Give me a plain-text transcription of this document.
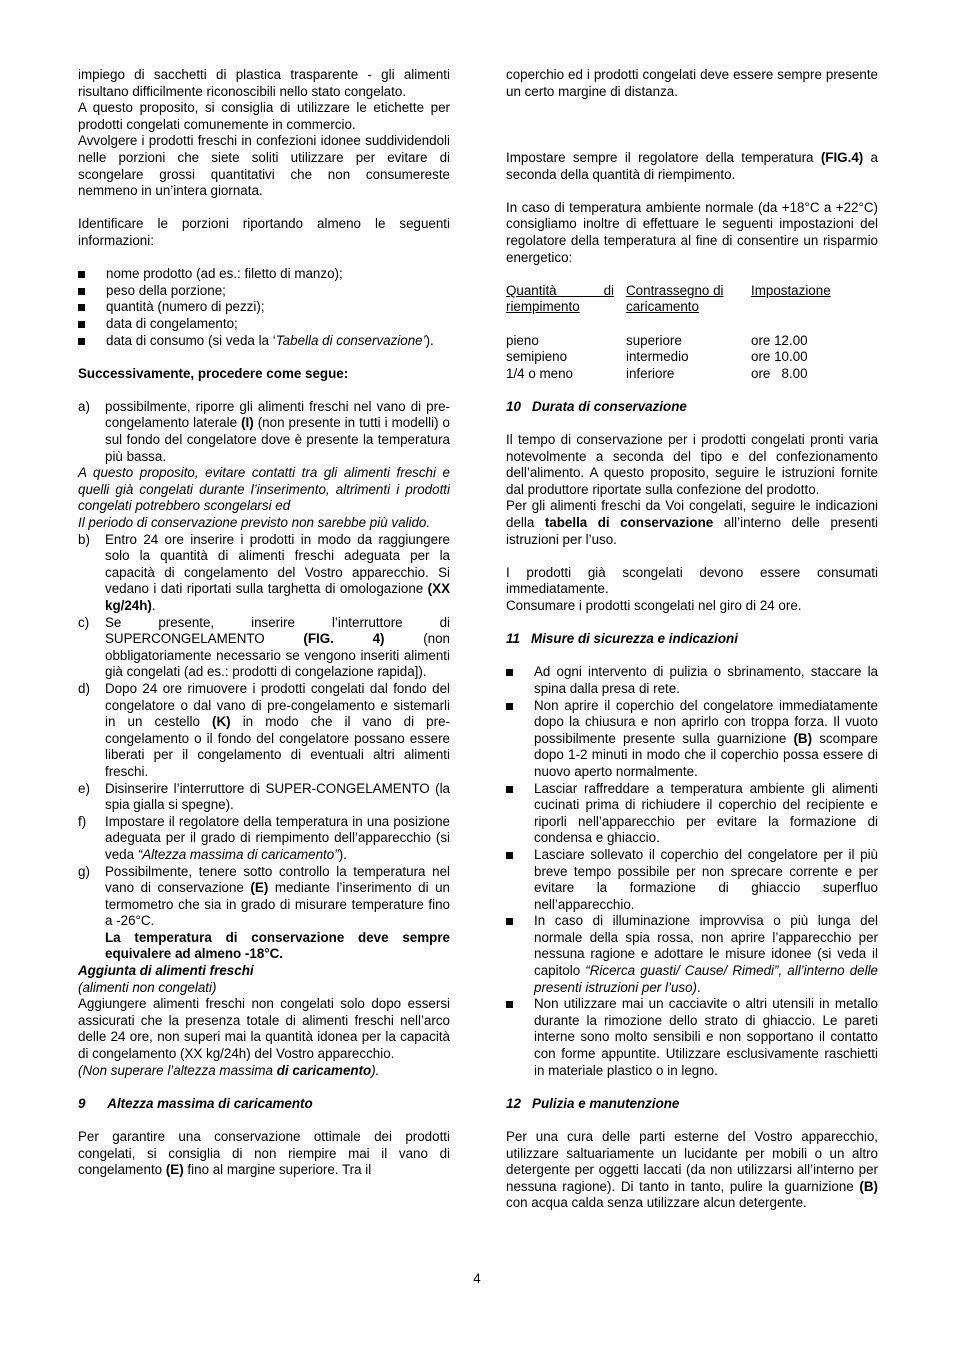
impiego di sacchetti di plastica trasparente - gli alimenti risultano difficilmente riconoscibili nello stato congelato.

A questo proposito, si consiglia di utilizzare le etichette per prodotti congelati comunemente in commercio.

Avvolgere i prodotti freschi in confezioni idonee suddividendoli nelle porzioni che siete soliti utilizzare per evitare di scongelare grossi quantitativi che non consumereste nemmeno in un’intera giornata.

Identificare le porzioni riportando almeno le seguenti informazioni:

nome prodotto (ad es.: filetto di manzo);
peso della porzione;
quantità (numero di pezzi);
data di congelamento;
data di consumo (si veda la ‘Tabella di conservazione’).

Successivamente, procedere come segue:

a)	possibilmente, riporre gli alimenti freschi nel vano di pre-congelamento laterale (I) (non presente in tutti i modelli) o sul fondo del congelatore dove è presente la temperatura più bassa.

A questo proposito, evitare contatti tra gli alimenti freschi e quelli già congelati durante l’inserimento, altrimenti i prodotti congelati potrebbero scongelarsi ed

Il periodo di conservazione previsto non sarebbe più valido.

b)	Entro 24 ore inserire i prodotti in modo da raggiungere solo la quantità di alimenti freschi adeguata per la capacità di congelamento del Vostro apparecchio. Si vedano i dati riportati sulla targhetta di omologazione (XX kg/24h).
c)	Se presente, inserire l’interruttore di SUPERCONGELAMENTO (FIG. 4) (non obbligatoriamente necessario se vengono inseriti alimenti già congelati (ad es.: prodotti di congelazione rapida]).
d)	Dopo 24 ore rimuovere i prodotti congelati dal fondo del congelatore o dal vano di pre-congelamento e sistemarli in un cestello (K) in modo che il vano di pre-congelamento o il fondo del congelatore possano essere liberati per il congelamento di eventuali altri alimenti freschi.
e)	Disinserire l’interruttore di SUPER-CONGELAMENTO (la spia gialla si spegne).
f)	Impostare il regolatore della temperatura in una posizione adeguata per il grado di riempimento dell’apparecchio (si veda “Altezza massima di caricamento”).
g)	Possibilmente, tenere sotto controllo la temperatura nel vano di conservazione (E) mediante l’inserimento di un termometro che sia in grado di misurare temperature fino a -26°C.
La temperatura di conservazione deve sempre equivalere ad almeno -18°C.

Aggiunta di alimenti freschi

(alimenti non congelati)

Aggiungere alimenti freschi non congelati solo dopo essersi assicurati che la presenza totale di alimenti freschi nell’arco delle 24 ore, non superi mai la quantità idonea per la capacità di congelamento (XX kg/24h) del Vostro apparecchio.

(Non superare l’altezza massima di caricamento).

9      Altezza massima di caricamento

Per garantire una conservazione ottimale dei prodotti congelati, si consiglia di non riempire mai il vano di congelamento (E) fino al margine superiore. Tra il

coperchio ed i prodotti congelati deve essere sempre presente un certo margine di distanza.

Impostare sempre il regolatore della temperatura (FIG.4) a seconda della quantità di riempimento.

In caso di temperatura ambiente normale (da +18°C a +22°C) consigliamo inoltre di effettuare le seguenti impostazioni del regolatore della temperatura al fine di consentire un risparmio energetico:

Quantità di riempimento		Contrassegno di caricamento		Impostazione

pieno		superiore		ore 12.00
semipieno		intermedio		ore 10.00
1/4 o meno		inferiore		ore   8.00

10   Durata di conservazione

Il tempo di conservazione per i prodotti congelati pronti varia notevolmente a seconda del tipo e del confezionamento dell’alimento. A questo proposito, seguire le istruzioni fornite dal produttore riportate sulla confezione del prodotto.

Per gli alimenti freschi da Voi congelati, seguire le indicazioni della tabella di conservazione all’interno delle presenti istruzioni per l’uso.

I prodotti già scongelati devono essere consumati immediatamente.

Consumare i prodotti scongelati nel giro di 24 ore.

11   Misure di sicurezza e indicazioni

Ad ogni intervento di pulizia o sbrinamento, staccare la spina dalla presa di rete.
Non aprire il coperchio del congelatore immediatamente dopo la chiusura e non aprirlo con troppa forza. Il vuoto possibilmente presente sulla guarnizione (B) scompare dopo 1-2 minuti in modo che il coperchio possa essere di nuovo aperto normalmente.
Lasciar raffreddare a temperatura ambiente gli alimenti cucinati prima di richiudere il coperchio del recipiente e riporli nell’apparecchio per evitare la formazione di condensa e ghiaccio.
Lasciare sollevato il coperchio del congelatore per il più breve tempo possibile per non sprecare corrente e per evitare la formazione di ghiaccio superfluo nell’apparecchio.
In caso di illuminazione improvvisa o più lunga del normale della spia rossa, non aprire l’apparecchio per nessuna ragione e adottare le misure idonee (si veda il capitolo “Ricerca guasti/ Cause/ Rimedi”, all’interno delle presenti istruzioni per l’uso).
Non utilizzare mai un cacciavite o altri utensili in metallo durante la rimozione dello strato di ghiaccio. Le pareti interne sono molto sensibili e non sopportano il contatto con forme appuntite. Utilizzare esclusivamente raschietti in materiale plastico o in legno.

12   Pulizia e manutenzione

Per una cura delle parti esterne del Vostro apparecchio, utilizzare saltuariamente un lucidante per mobili o un altro detergente per oggetti laccati (da non utilizzarsi all’interno per nessuna ragione). Di tanto in tanto, pulire la guarnizione (B) con acqua calda senza utilizzare alcun detergente.

4
